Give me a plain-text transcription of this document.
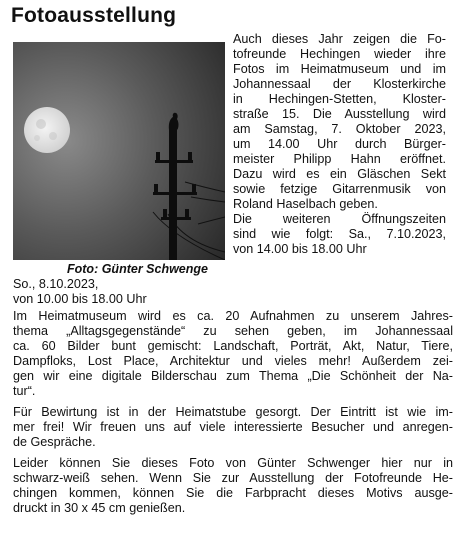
Fotoausstellung
Foto: Günter Schwenge
Auch dieses Jahr zeigen die Fo-
tofreunde Hechingen wieder ihre
Fotos im Heimatmuseum und im
Johannessaal der Klosterkirche
in Hechingen-Stetten, Kloster-
straße 15. Die Ausstellung wird
am Samstag, 7. Oktober 2023,
um 14.00 Uhr durch Bürger-
meister Philipp Hahn eröffnet.
Dazu wird es ein Gläschen Sekt
sowie fetzige Gitarrenmusik von
Roland Haselbach geben.
Die weiteren Öffnungszeiten
sind wie folgt: Sa., 7.10.2023,
von 14.00 bis 18.00 Uhr
So., 8.10.2023,
von 10.00 bis 18.00 Uhr
Im Heimatmuseum wird es ca. 20 Aufnahmen zu unserem Jahres-
thema „Alltagsgegenstände“ zu sehen geben, im Johannessaal
ca. 60 Bilder bunt gemischt: Landschaft, Porträt, Akt, Natur, Tiere,
Dampfloks, Lost Place, Architektur und vieles mehr! Außerdem zei-
gen wir eine digitale Bilderschau zum Thema „Die Schönheit der Na-
tur“.
Für Bewirtung ist in der Heimatstube gesorgt. Der Eintritt ist wie im-
mer frei! Wir freuen uns auf viele interessierte Besucher und anregen-
de Gespräche.
Leider können Sie dieses Foto von Günter Schwenger hier nur in
schwarz-weiß sehen. Wenn Sie zur Ausstellung der Fotofreunde He-
chingen kommen, können Sie die Farbpracht dieses Motivs ausge-
druckt in 30 x 45 cm genießen.
